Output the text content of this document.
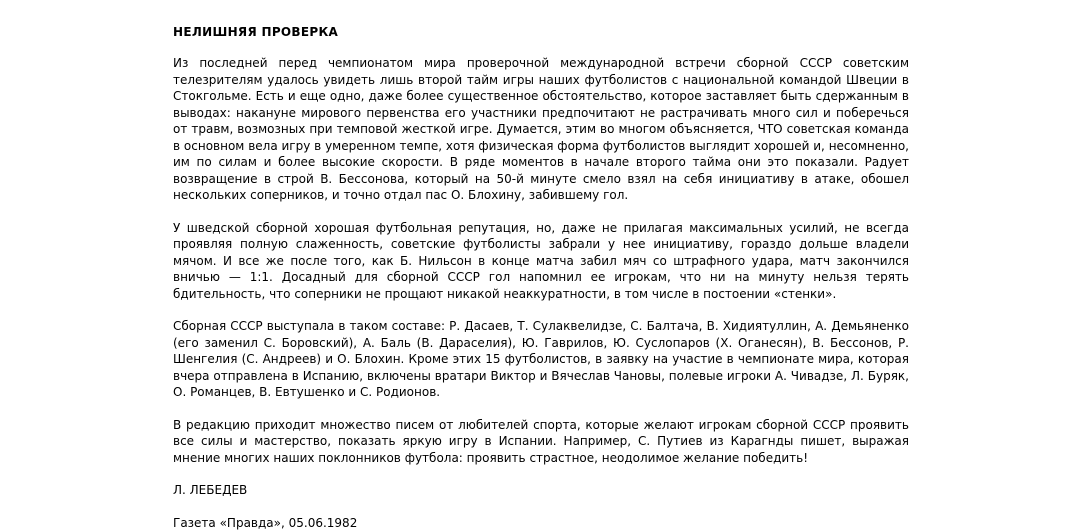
НЕЛИШНЯЯ ПРОВЕРКА

Из последней перед чемпионатом мира проверочной международной встречи сборной СССР советским телезрителям удалось увидеть лишь второй тайм игры наших футболистов с национальной командой Швеции в Стокгольме. Есть и еще одно, даже более существенное обстоятельство, которое заставляет быть сдержанным в выводах: накануне мирового первенства его участники предпочитают не растрачивать много сил и поберечься от травм, возмозных при темповой жесткой игре. Думается, этим во многом объясняется, ЧТО советская команда в основном вела игру в умеренном темпе, хотя физическая форма футболистов выглядит хорошей и, несомненно, им по силам и более высокие скорости. В ряде моментов в начале второго тайма они это показали. Радует возвращение в строй В. Бессонова, который на 50-й минуте смело взял на себя инициативу в атаке, обошел нескольких соперников, и точно отдал пас О. Блохину, забившему гол.

У шведской сборной хорошая футбольная репутация, но, даже не прилагая максимальных усилий, не всегда проявляя полную слаженность, советские футболисты забрали у нее инициативу, гораздо дольше владели мячом. И все же после того, как Б. Нильсон в конце матча забил мяч со штрафного удара, матч закончился вничью — 1:1. Досадный для сборной СССР гол напомнил ее игрокам, что ни на минуту нельзя терять бдительность, что соперники не прощают никакой неаккуратности, в том числе в постоении «стенки».

Сборная СССР выступала в таком составе: Р. Дасаев, Т. Сулаквелидзе, С. Балтача, В. Хидиятуллин, А. Демьяненко (его заменил С. Боровский), А. Баль (В. Дараселия), Ю. Гаврилов, Ю. Суслопаров (Х. Оганесян), В. Бессонов, Р. Шенгелия (С. Андреев) и О. Блохин. Кроме этих 15 футболистов, в заявку на участие в чемпионате мира, которая вчера отправлена в Испанию, включены вратари Виктор и Вячеслав Чановы, полевые игроки А. Чивадзе, Л. Буряк, О. Романцев, В. Евтушенко и С. Родионов.

В редакцию приходит множество писем от любителей спорта, которые желают игрокам сборной СССР проявить все силы и мастерство, показать яркую игру в Испании. Например, С. Путиев из Карагнды пишет, выражая мнение многих наших поклонников футбола: проявить страстное, неодолимое желание победить!

Л. ЛЕБЕДЕВ

Газета «Правда», 05.06.1982
